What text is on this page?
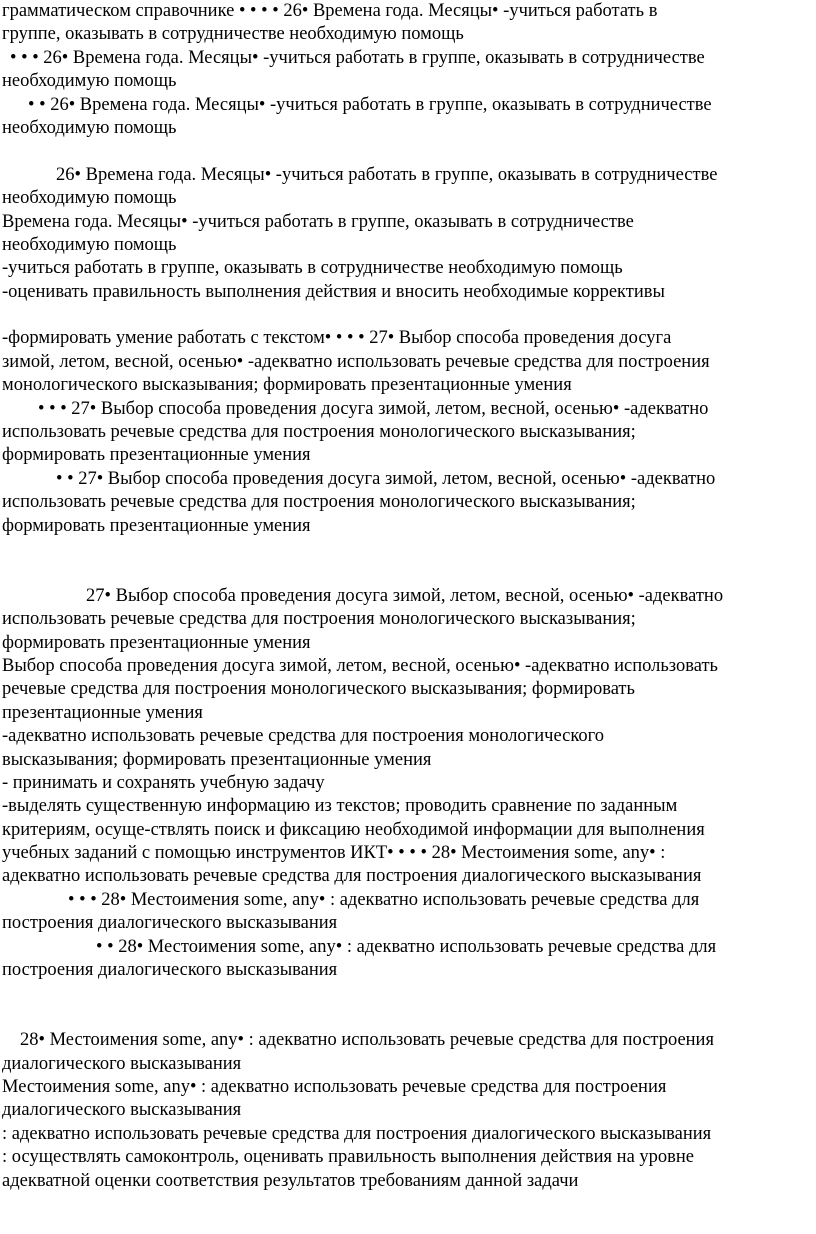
грамматическом справочнике • • • • 26• Времена года. Месяцы• -учиться работать в
группе, оказывать в сотрудничестве необходимую помощь
• • • 26• Времена года. Месяцы• -учиться работать в группе, оказывать в сотрудничестве
необходимую помощь
• • 26• Времена года. Месяцы• -учиться работать в группе, оказывать в сотрудничестве
необходимую помощь
26• Времена года. Месяцы• -учиться работать в группе, оказывать в сотрудничестве
необходимую помощь
Времена года. Месяцы• -учиться работать в группе, оказывать в сотрудничестве
необходимую помощь
-учиться работать в группе, оказывать в сотрудничестве необходимую помощь
-оценивать правильность выполнения действия и вносить необходимые коррективы
-формировать умение работать с текстом• • • • 27• Выбор способа проведения досуга
зимой, летом, весной, осенью• -адекватно использовать речевые средства для построения
монологического высказывания; формировать презентационные умения
• • • 27• Выбор способа проведения досуга зимой, летом, весной, осенью• -адекватно
использовать речевые средства для построения монологического высказывания;
формировать презентационные умения
• • 27• Выбор способа проведения досуга зимой, летом, весной, осенью• -адекватно
использовать речевые средства для построения монологического высказывания;
формировать презентационные умения
27• Выбор способа проведения досуга зимой, летом, весной, осенью• -адекватно
использовать речевые средства для построения монологического высказывания;
формировать презентационные умения
Выбор способа проведения досуга зимой, летом, весной, осенью• -адекватно использовать
речевые средства для построения монологического высказывания; формировать
презентационные умения
-адекватно использовать речевые средства для построения монологического
высказывания; формировать презентационные умения
- принимать и сохранять учебную задачу
-выделять существенную информацию из текстов; проводить сравнение по заданным
критериям, осуще-ствлять поиск и фиксацию необходимой информации для выполнения
учебных заданий с помощью инструментов ИКТ• • • • 28• Местоимения some, any• :
адекватно использовать речевые средства для построения диалогического высказывания
• • • 28• Местоимения some, any• : адекватно использовать речевые средства для
построения диалогического высказывания
• • 28• Местоимения some, any• : адекватно использовать речевые средства для
построения диалогического высказывания
28• Местоимения some, any• : адекватно использовать речевые средства для построения
диалогического высказывания
Местоимения some, any• : адекватно использовать речевые средства для построения
диалогического высказывания
: адекватно использовать речевые средства для построения диалогического высказывания
: осуществлять самоконтроль, оценивать правильность выполнения действия на уровне
адекватной оценки соответствия результатов требованиям данной задачи
